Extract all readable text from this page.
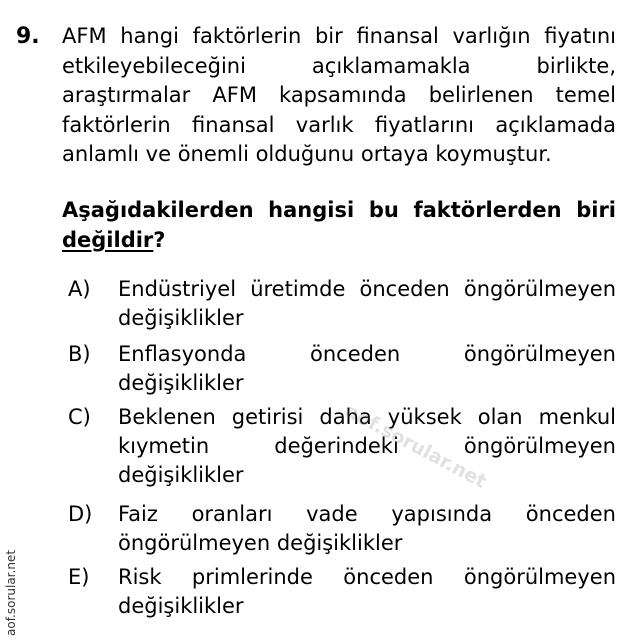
9. AFM hangi faktörlerin bir finansal varlığın fiyatını etkileyebileceğini açıklamamakla birlikte, araştırmalar AFM kapsamında belirlenen temel faktörlerin finansal varlık fiyatlarını açıklamada anlamlı ve önemli olduğunu ortaya koymuştur.
Aşağıdakilerden hangisi bu faktörlerden biri değildir?
A) Endüstriyel üretimde önceden öngörülmeyen değişiklikler
B) Enflasyonda önceden öngörülmeyen değişiklikler
C) Beklenen getirisi daha yüksek olan menkul kıymetin değerindeki öngörülmeyen değişiklikler
D) Faiz oranları vade yapısında önceden öngörülmeyen değişiklikler
E) Risk primlerinde önceden öngörülmeyen değişiklikler
aof.sorular.net
aof.sorular.net
